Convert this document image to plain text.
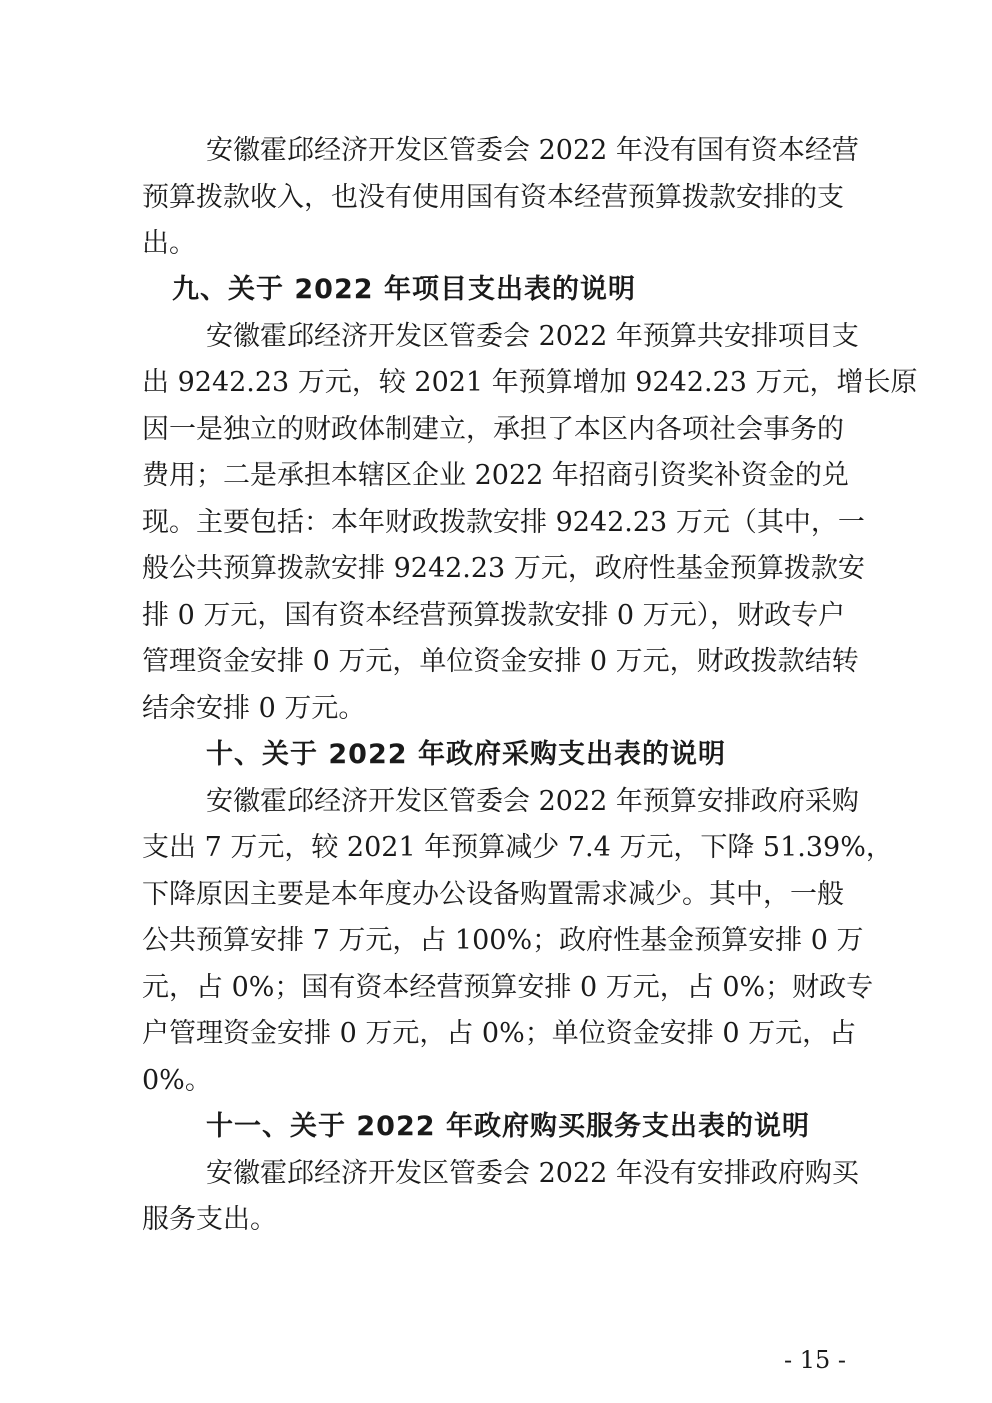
安徽霍邱经济开发区管委会 2022 年没有国有资本经营
预算拨款收入，也没有使用国有资本经营预算拨款安排的支
出。
九、关于 2022 年项目支出表的说明
安徽霍邱经济开发区管委会 2022 年预算共安排项目支
出 9242.23 万元，较 2021 年预算增加 9242.23 万元，增长原
因一是独立的财政体制建立，承担了本区内各项社会事务的
费用；二是承担本辖区企业 2022 年招商引资奖补资金的兑
现。主要包括：本年财政拨款安排 9242.23 万元（其中，一
般公共预算拨款安排 9242.23 万元，政府性基金预算拨款安
排 0 万元，国有资本经营预算拨款安排 0 万元），财政专户
管理资金安排 0 万元，单位资金安排 0 万元，财政拨款结转
结余安排 0 万元。
十、关于 2022 年政府采购支出表的说明
安徽霍邱经济开发区管委会 2022 年预算安排政府采购
支出 7 万元，较 2021 年预算减少 7.4 万元，下降 51.39%，
下降原因主要是本年度办公设备购置需求减少。其中，一般
公共预算安排 7 万元，占 100%；政府性基金预算安排 0 万
元，占 0%；国有资本经营预算安排 0 万元，占 0%；财政专
户管理资金安排 0 万元，占 0%；单位资金安排 0 万元，占
0%。
十一、关于 2022 年政府购买服务支出表的说明
安徽霍邱经济开发区管委会 2022 年没有安排政府购买
服务支出。
- 15 -
